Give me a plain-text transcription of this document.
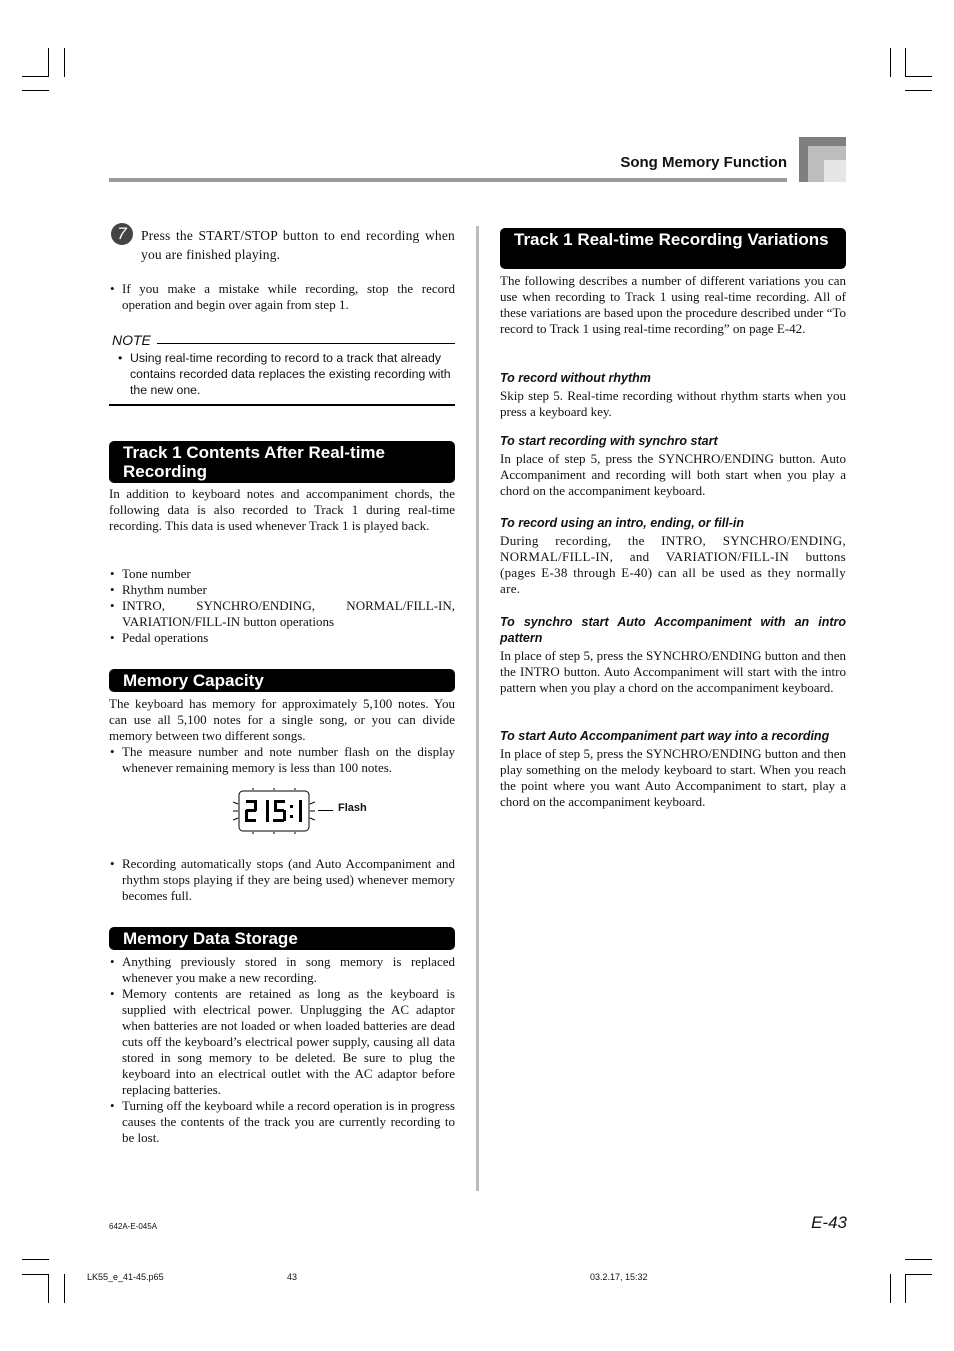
Song Memory Function
7	Press the START/STOP button to end recording when you are finished playing.
• If you make a mistake while recording, stop the record operation and begin over again from step 1.
NOTE
• Using real-time recording to record to a track that already contains recorded data replaces the existing recording with the new one.
Track 1 Contents After Real-time Recording
In addition to keyboard notes and accompaniment chords, the following data is also recorded to Track 1 during real-time recording. This data is used whenever Track 1 is played back.
• Tone number
• Rhythm number
• INTRO, SYNCHRO/ENDING, NORMAL/FILL-IN, VARIATION/FILL-IN button operations
• Pedal operations
Memory Capacity
The keyboard has memory for approximately 5,100 notes. You can use all 5,100 notes for a single song, or you can divide memory between two different songs.
• The measure number and note number flash on the display whenever remaining memory is less than 100 notes.
Flash
• Recording automatically stops (and Auto Accompaniment and rhythm stops playing if they are being used) whenever memory becomes full.
Memory Data Storage
• Anything previously stored in song memory is replaced whenever you make a new recording.
• Memory contents are retained as long as the keyboard is supplied with electrical power. Unplugging the AC adaptor when batteries are not loaded or when loaded batteries are dead cuts off the keyboard’s electrical power supply, causing all data stored in song memory to be deleted. Be sure to plug the keyboard into an electrical outlet with the AC adaptor before replacing batteries.
• Turning off the keyboard while a record operation is in progress causes the contents of the track you are currently recording to be lost.
Track 1 Real-time Recording Variations
The following describes a number of different variations you can use when recording to Track 1 using real-time recording. All of these variations are based upon the procedure described under “To record to Track 1 using real-time recording” on page E-42.
To record without rhythm
Skip step 5. Real-time recording without rhythm starts when you press a keyboard key.
To start recording with synchro start
In place of step 5, press the SYNCHRO/ENDING button. Auto Accompaniment and recording will both start when you play a chord on the accompaniment keyboard.
To record using an intro, ending, or fill-in
During recording, the INTRO, SYNCHRO/ENDING, NORMAL/FILL-IN, and VARIATION/FILL-IN buttons (pages E-38 through E-40) can all be used as they normally are.
To synchro start Auto Accompaniment with an intro pattern
In place of step 5, press the SYNCHRO/ENDING button and then the INTRO button. Auto Accompaniment will start with the intro pattern when you play a chord on the accompaniment keyboard.
To start Auto Accompaniment part way into a recording
In place of step 5, press the SYNCHRO/ENDING button and then play something on the melody keyboard to start. When you reach the point where you want Auto Accompaniment to start, play a chord on the accompaniment keyboard.
642A-E-045A	E-43
LK55_e_41-45.p65	43	03.2.17, 15:32
